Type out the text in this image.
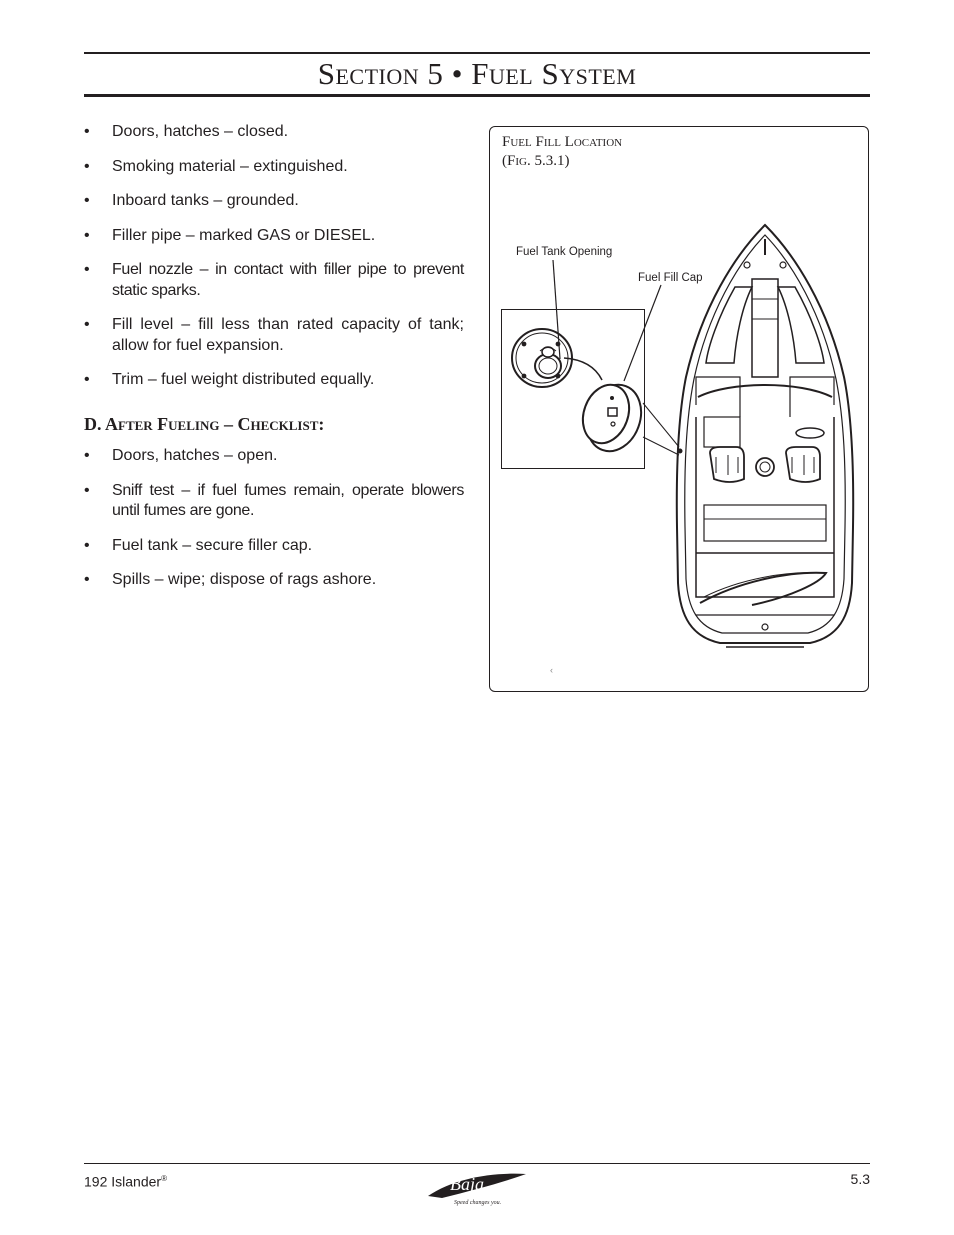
Section 5 • Fuel System
• Doors, hatches – closed.
• Smoking material – extinguished.
• Inboard tanks – grounded.
• Filler pipe – marked GAS or DIESEL.
• Fuel nozzle – in contact with filler pipe to prevent static sparks.
• Fill level – fill less than rated capacity of tank; allow for fuel expansion.
• Trim – fuel weight distributed equally.
D. After Fueling – Checklist:
• Doors, hatches – open.
• Sniff test – if fuel fumes remain, operate blowers until fumes are gone.
• Fuel tank – secure filler cap.
• Spills – wipe; dispose of rags ashore.
Fuel Fill Location
(Fig. 5.3.1)
Fuel Tank Opening
Fuel Fill Cap
‹
192 Islander®	Baja
Speed changes you.
5.3
